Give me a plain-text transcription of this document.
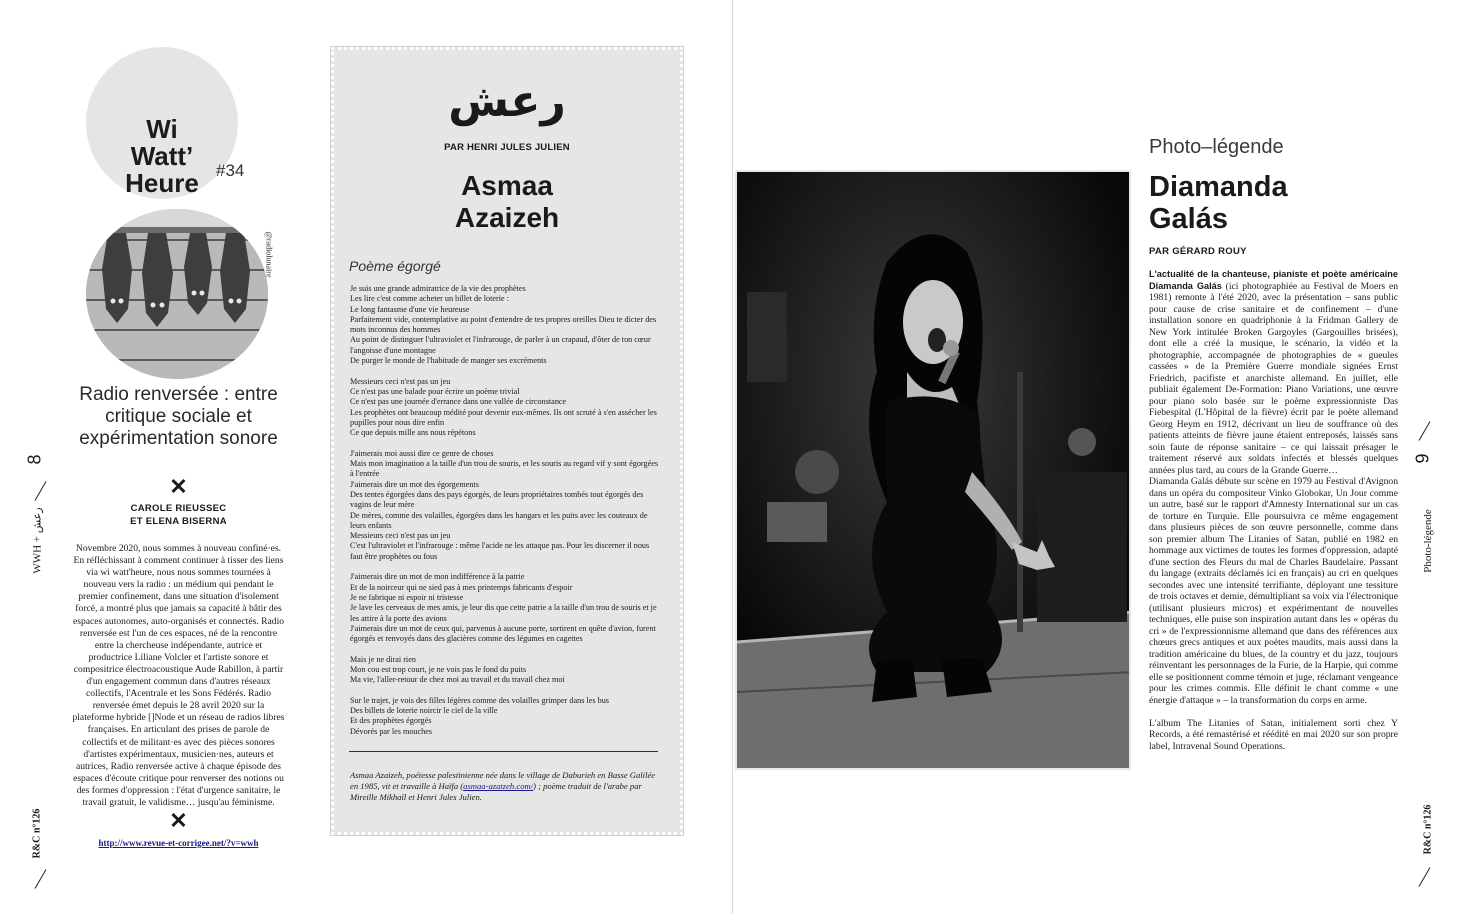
8
WWH + رعش
R&C n°126
9
Photo-légende
R&C n°126
Wi
Watt’
Heure	#34
@radiolunaire
Radio renversée : entre critique sociale et expérimentation sonore
✕
CAROLE RIEUSSEC
ET ELENA BISERNA
Novembre 2020, nous sommes à nouveau confiné·es. En réfléchissant à comment continuer à tisser des liens via wi watt'heure, nous nous sommes tournées à nouveau vers la radio : un médium qui pendant le premier confinement, dans une situation d'isolement forcé, a montré plus que jamais sa capacité à bâtir des espaces autonomes, auto-organisés et connectés. Radio renversée est l'un de ces espaces, né de la rencontre entre la chercheuse indépendante, autrice et productrice Liliane Volcler et l'artiste sonore et compositrice électroacoustique Aude Rabillon, à partir d'un engagement commun dans d'autres réseaux collectifs, l'Acentrale et les Sons Fédérés. Radio renversée émet depuis le 28 avril 2020 sur la plateforme hybride []Node et un réseau de radios libres françaises. En articulant des prises de parole de collectifs et de militant·es avec des pièces sonores d'artistes expérimentaux, musicien·nes, auteurs et autrices, Radio renversée active à chaque épisode des espaces d'écoute critique pour renverser des notions ou des formes d'oppression : l'état d'urgence sanitaire, le travail gratuit, le validisme… jusqu'au féminisme.
✕
http://www.revue-et-corrigee.net/?v=wwh
رعش
PAR HENRI JULES JULIEN
Asmaa
Azaizeh
Poème égorgé

Je suis une grande admiratrice de la vie des prophètes
Les lire c'est comme acheter un billet de loterie :
Le long fantasme d'une vie heureuse
Parfaitement vide, contemplative au point d'entendre de tes propres oreilles Dieu te dicter des mots inconnus des hommes
Au point de distinguer l'ultraviolet et l'infrarouge, de parler à un crapaud, d'ôter de ton cœur l'angoisse d'une montagne
De purger le monde de l'habitude de manger ses excréments

Messieurs ceci n'est pas un jeu
Ce n'est pas une balade pour écrire un poème trivial
Ce n'est pas une journée d'errance dans une vallée de circonstance
Les prophètes ont beaucoup médité pour devenir eux-mêmes. Ils ont scruté à s'en assécher les pupilles pour nous dire enfin
Ce que depuis mille ans nous répétons

J'aimerais moi aussi dire ce genre de choses
Mais mon imagination a la taille d'un trou de souris, et les souris au regard vif y sont égorgées à l'entrée
J'aimerais dire un mot des égorgements
Des tentes égorgées dans des pays égorgés, de leurs propriétaires tombés tout égorgés des vagins de leur mère
De mères, comme des volailles, égorgées dans les hangars et les puits avec les couteaux de leurs enfants
Messieurs ceci n'est pas un jeu
C'est l'ultraviolet et l'infrarouge : même l'acide ne les attaque pas. Pour les discerner il nous faut être prophètes ou fous

J'aimerais dire un mot de mon indifférence à la patrie
Et de la noirceur qui ne sied pas à mes printemps fabricants d'espoir
Je ne fabrique ni espoir ni tristesse
Je lave les cerveaux de mes amis, je leur dis que cette patrie a la taille d'un trou de souris et je les attire à la porte des avions
J'aimerais dire un mot de ceux qui, parvenus à aucune porte, sortirent en quête d'avion, furent égorgés et renvoyés dans des glacières comme des légumes en cagettes

Mais je ne dirai rien
Mon cou est trop court, je ne vois pas le fond du puits
Ma vie, l'aller-retour de chez moi au travail et du travail chez moi

Sur le trajet, je vois des filles légères comme des volailles grimper dans les bus
Des billets de loterie noircir le ciel de la ville
Et des prophètes égorgés
Dévorés par les mouches

Asmaa Azaizeh, poétesse palestinienne née dans le village de Daburieh en Basse Galilée en 1985, vit et travaille à Haïfa (asmaa-azatzeh.com/) ; poème traduit de l'arabe par Mireille Mikhaïl et Henri Jules Julien.
Photo–légende
Diamanda
Galás
PAR GÉRARD ROUY

L'actualité de la chanteuse, pianiste et poète américaine Diamanda Galás (ici photographiée au Festival de Moers en 1981) remonte à l'été 2020, avec la présentation – sans public pour cause de crise sanitaire et de confinement – d'une installation sonore en quadriphonie à la Fridman Gallery de New York intitulée Broken Gargoyles (Gargouilles brisées), dont elle a créé la musique, le scénario, la vidéo et la photographie, accompagnée de photographies de « gueules cassées » de la Première Guerre mondiale signées Ernst Friedrich, pacifiste et anarchiste allemand. En juillet, elle publiait également De-Formation: Piano Variations, une œuvre pour piano solo basée sur le poème expressionniste Das Fiebespital (L'Hôpital de la fièvre) écrit par le poète allemand Georg Heym en 1912, décrivant un lieu de souffrance où des patients atteints de fièvre jaune étaient entreposés, laissés sans soin faute de réponse sanitaire – ce qui laissait présager le traitement réservé aux soldats infectés et blessés quelques années plus tard, au cours de la Grande Guerre…

Diamanda Galás débute sur scène en 1979 au Festival d'Avignon dans un opéra du compositeur Vinko Globokar, Un Jour comme un autre, basé sur le rapport d'Amnesty International sur un cas de torture en Turquie. Elle poursuivra ce même engagement dans plusieurs pièces de son œuvre personnelle, comme dans son premier album The Litanies of Satan, publié en 1982 en hommage aux victimes de toutes les formes d'oppression, adapté d'une section des Fleurs du mal de Charles Baudelaire. Passant du langage (extraits déclamés ici en français) au cri en quelques secondes avec une intensité terrifiante, déployant une tessiture de trois octaves et demie, démultipliant sa voix via l'électronique (utilisant plusieurs micros) et expérimentant de nouvelles techniques, elle puise son inspiration autant dans les « opéras du cri » de l'expressionnisme allemand que dans des références aux chœurs grecs antiques et aux poètes maudits, mais aussi dans la tradition américaine du blues, de la country et du jazz, toujours réinventant les personnages de la Furie, de la Harpie, qui comme elle se positionnent comme témoin et juge, réclamant vengeance pour les crimes commis. Elle définit le chant comme « une énergie d'attaque » – la transformation du corps en arme.

L'album The Litanies of Satan, initialement sorti chez Y Records, a été remastérisé et réédité en mai 2020 sur son propre label, Intravenal Sound Operations.
